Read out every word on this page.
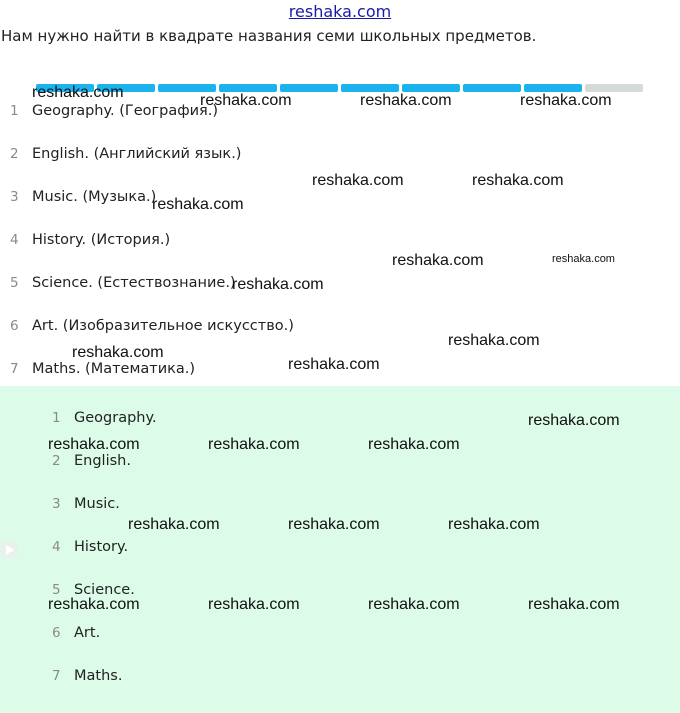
reshaka.com
Нам нужно найти в квадрате названия семи школьных предметов.
1 Geography. (География.)
2 English. (Английский язык.)
3 Music. (Музыка.)
4 History. (История.)
5 Science. (Естествознание.)
6 Art. (Изобразительное искусство.)
7 Maths. (Математика.)
1 Geography.
2 English.
3 Music.
4 History.
5 Science.
6 Art.
7 Maths.
reshaka.com	reshaka.com	reshaka.com	reshaka.com
reshaka.com	reshaka.com
reshaka.com
reshaka.com	reshaka.com
reshaka.com
reshaka.com
reshaka.com
reshaka.com
reshaka.com
reshaka.com	reshaka.com	reshaka.com
reshaka.com	reshaka.com	reshaka.com
reshaka.com	reshaka.com	reshaka.com	reshaka.com
